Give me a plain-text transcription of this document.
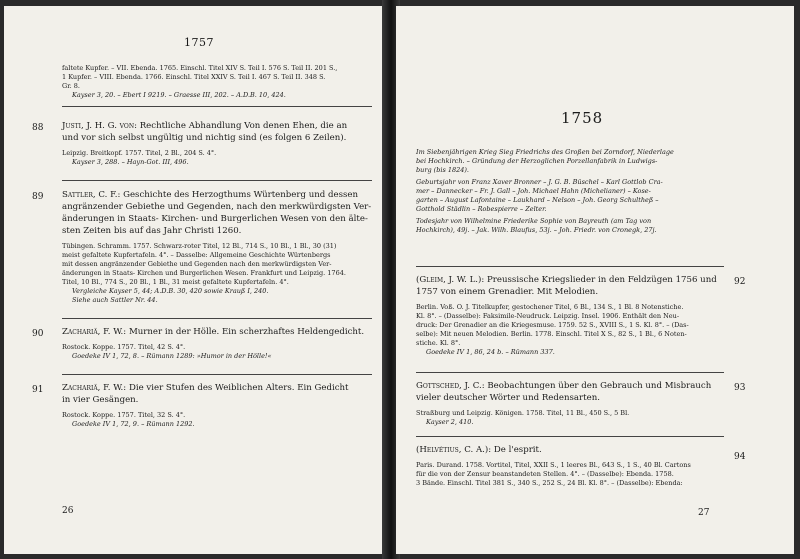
1757
faltete Kupfer. – VII. Ebenda. 1765. Einschl. Titel XIV S. Teil I. 576 S. Teil II. 201 S.,
1 Kupfer. – VIII. Ebenda. 1766. Einschl. Titel XXIV S. Teil I. 467 S. Teil II. 348 S.
Gr. 8.
Kayser 3, 20. – Ebert I 9219. – Graesse III, 202. – A.D.B. 10, 424.
88 Justi, J. H. G. von: Rechtliche Abhandlung Von denen Ehen, die an
und vor sich selbst ungültig und nichtig sind (es folgen 6 Zeilen).
Leipzig. Breitkopf. 1757. Titel, 2 Bl., 204 S. 4°.
Kayser 3, 288. – Hayn-Got. III, 496.
89 Sattler, C. F.: Geschichte des Herzogthums Würtenberg und dessen
angränzender Gebiethe und Gegenden, nach den merkwürdigsten Ver-
änderungen in Staats- Kirchen- und Burgerlichen Wesen von den älte-
sten Zeiten bis auf das Jahr Christi 1260.
Tübingen. Schramm. 1757. Schwarz-roter Titel, 12 Bl., 714 S., 10 Bl., 1 Bl., 30 (31)
meist gefaltete Kupfertafeln. 4°. – Dasselbe: Allgemeine Geschichte Würtenbergs
mit dessen angränzender Gebiethe und Gegenden nach den merkwürdigsten Ver-
änderungen in Staats- Kirchen und Burgerlichen Wesen. Frankfurt und Leipzig. 1764.
Titel, 10 Bl., 774 S., 20 Bl., 1 Bl., 31 meist gefaltete Kupfertafeln. 4°.
Vergleiche Kayser 5, 44; A.D.B. 30, 420 sowie Krauß I, 240.
Siehe auch Sattler Nr. 44.
90 Zachariä, F. W.: Murner in der Hölle. Ein scherzhaftes Heldengedicht.
Rostock. Koppe. 1757. Titel, 42 S. 4°.
Goedeke IV 1, 72, 8. – Rümann 1289: »Humor in der Hölle!«
91 Zachariä, F. W.: Die vier Stufen des Weiblichen Alters. Ein Gedicht
in vier Gesängen.
Rostock. Koppe. 1757. Titel, 32 S. 4°.
Goedeke IV 1, 72, 9. – Rümann 1292.
26
1758
Im Siebenjährigen Krieg Sieg Friedrichs des Großen bei Zorndorf, Niederlage
bei Hochkirch. – Gründung der Herzoglichen Porzellanfabrik in Ludwigs-
burg (bis 1824).
Geburtsjahr von Franz Xaver Bronner – J. G. B. Büschel – Karl Gottlob Cra-
mer – Dannecker – Fr. J. Gall – Joh. Michael Hahn (Michelianer) – Kose-
garten – August Lafontaine – Laukhard – Nelson – Joh. Georg Schultheß –
Gotthold Städlin – Robespierre – Zelter.
Todesjahr von Wilhelmine Friederike Sophie von Bayreuth (am Tag von
Hochkirch), 49j. – Jak. Wilh. Blaufus, 53j. – Joh. Friedr. von Cronegk, 27j.
92
(Gleim, J. W. L.): Preussische Kriegslieder in den Feldzügen 1756 und
1757 von einem Grenadier. Mit Melodien.
Berlin. Voß. O. J. Titelkupfer, gestochener Titel, 6 Bl., 134 S., 1 Bl. 8 Notenstiche.
Kl. 8°. – (Dasselbe): Faksimile-Neudruck. Leipzig. Insel. 1906. Enthält den Neu-
druck: Der Grenadier an die Kriegesmuse. 1759. 52 S., XVIII S., 1 S. Kl. 8°. – (Das-
selbe): Mit neuen Melodien. Berlin. 1778. Einschl. Titel X S., 82 S., 1 Bl., 6 Noten-
stiche. Kl. 8°.
Goedeke IV 1, 86, 24 b. – Rümann 337.
93
Gottsched, J. C.: Beobachtungen über den Gebrauch und Misbrauch
vieler deutscher Wörter und Redensarten.
Straßburg und Leipzig. Königen. 1758. Titel, 11 Bl., 450 S., 5 Bl.
Kayser 2, 410.
94
(Helvétius, C. A.): De l'esprit.
Paris. Durand. 1758. Vortitel, Titel, XXII S., 1 leeres Bl., 643 S., 1 S., 40 Bl. Cartons
für die von der Zensur beanstandeten Stellen. 4°. – (Dasselbe): Ebenda. 1758.
3 Bände. Einschl. Titel 381 S., 340 S., 252 S., 24 Bl. Kl. 8°. – (Dasselbe): Ebenda:
27
